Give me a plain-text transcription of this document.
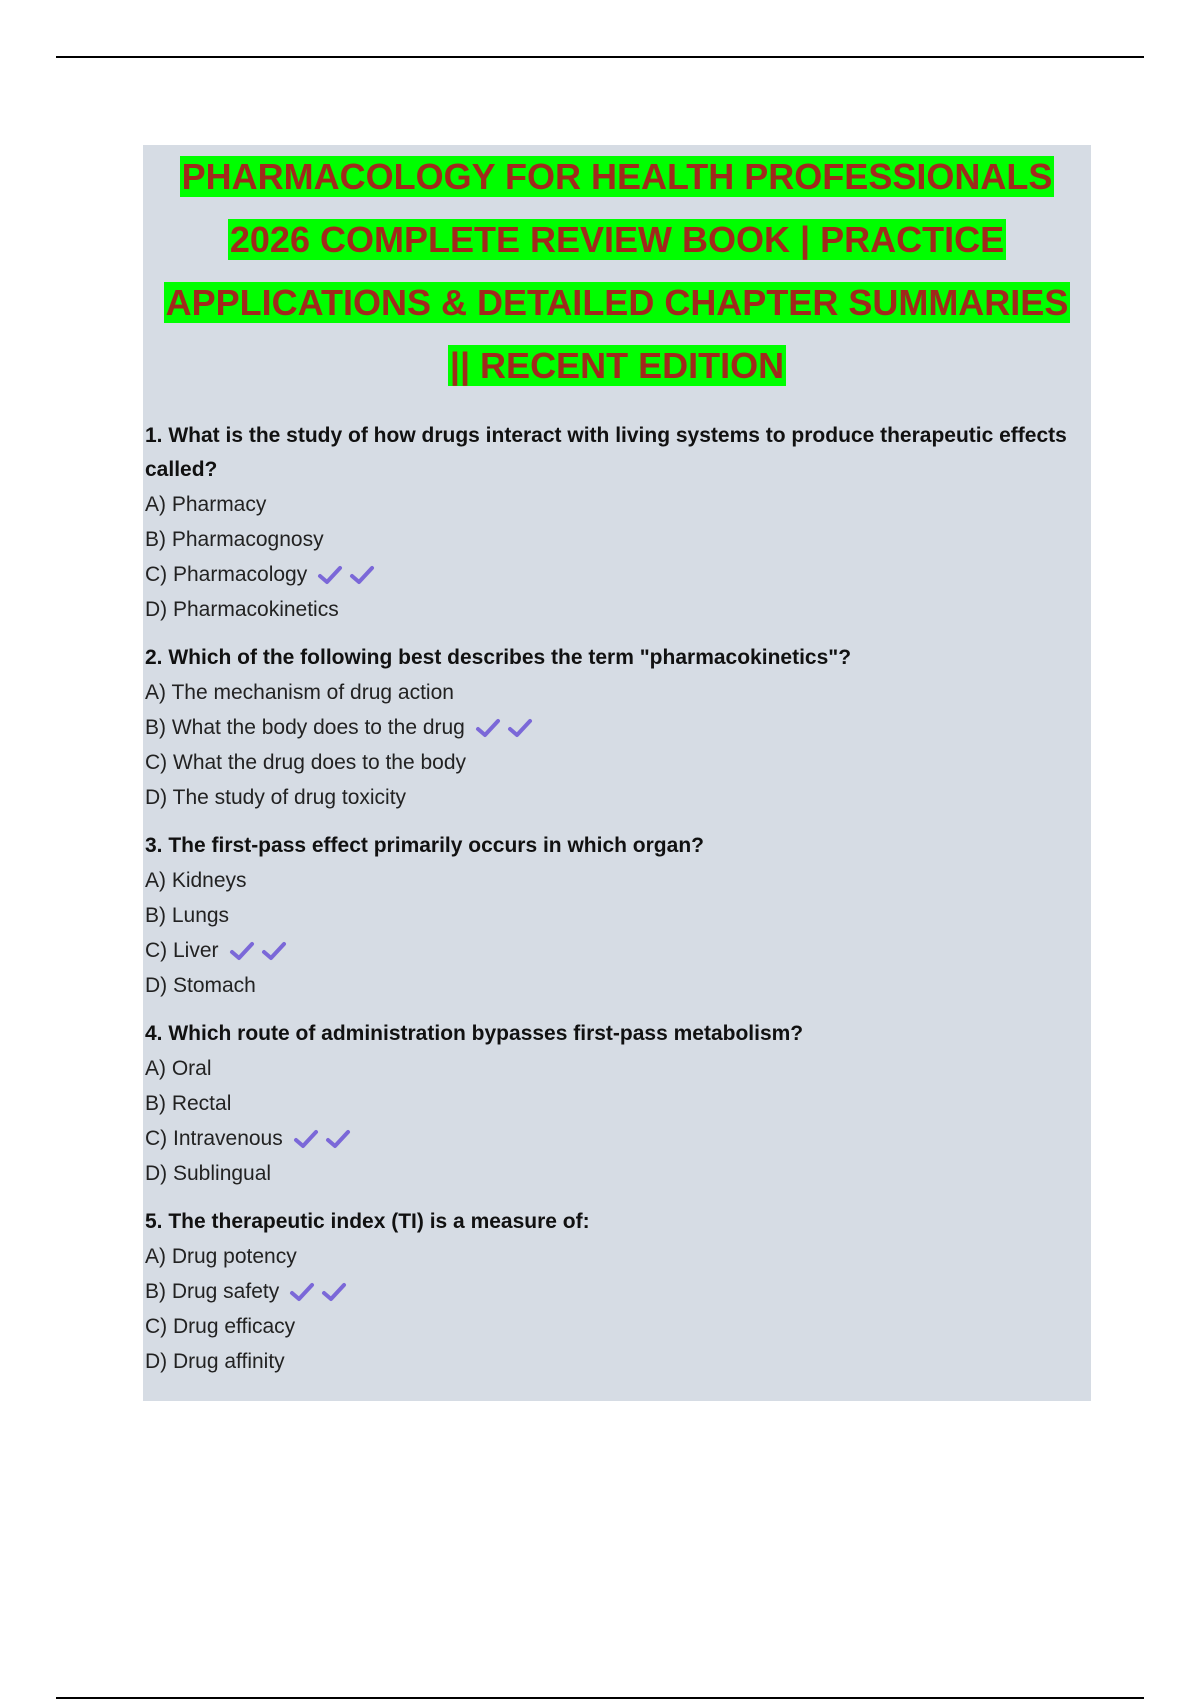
PHARMACOLOGY FOR HEALTH PROFESSIONALS
2026 COMPLETE REVIEW BOOK | PRACTICE
APPLICATIONS & DETAILED CHAPTER SUMMARIES
|| RECENT EDITION

1. What is the study of how drugs interact with living systems to produce therapeutic effects called?

A) Pharmacy
B) Pharmacognosy
C) Pharmacology
D) Pharmacokinetics

2. Which of the following best describes the term "pharmacokinetics"?

A) The mechanism of drug action
B) What the body does to the drug
C) What the drug does to the body
D) The study of drug toxicity

3. The first-pass effect primarily occurs in which organ?

A) Kidneys
B) Lungs
C) Liver
D) Stomach

4. Which route of administration bypasses first-pass metabolism?

A) Oral
B) Rectal
C) Intravenous
D) Sublingual

5. The therapeutic index (TI) is a measure of:

A) Drug potency
B) Drug safety
C) Drug efficacy
D) Drug affinity
